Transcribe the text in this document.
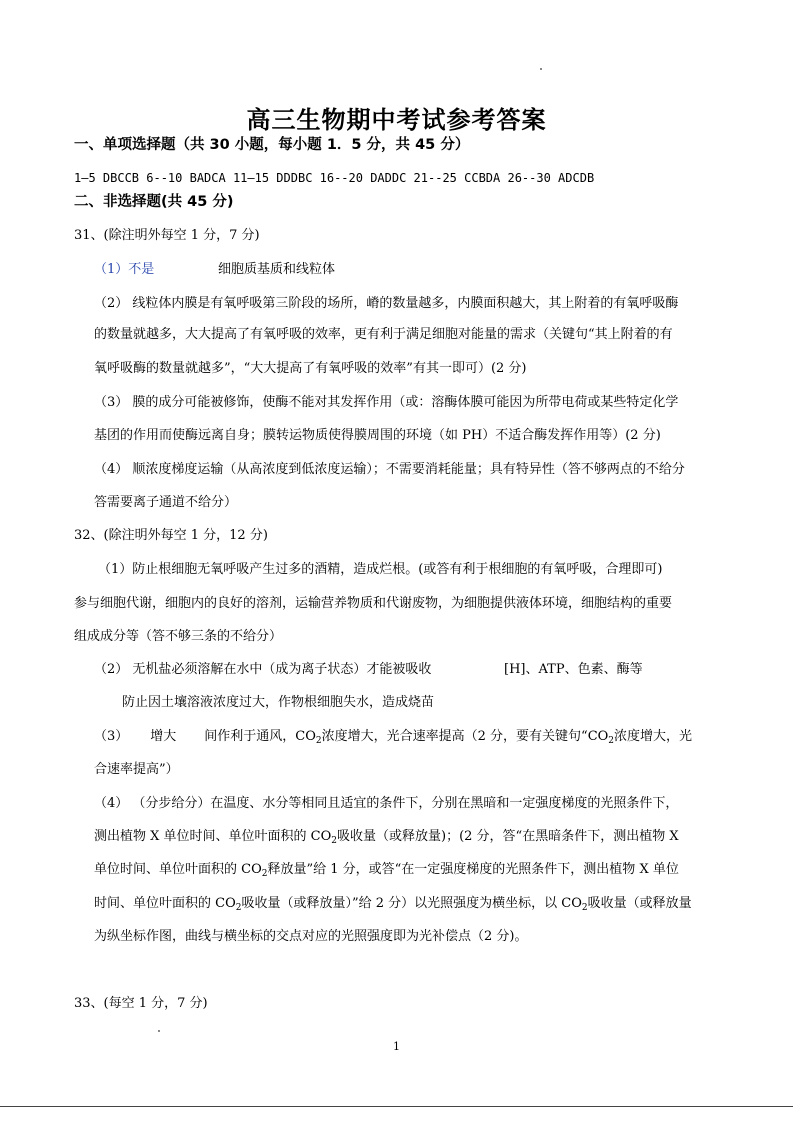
高三生物期中考试参考答案
一、单项选择题（共 30 小题，每小题 1．5 分，共 45 分）
1—5 DBCCB 6--10 BADCA 11—15 DDDBC 16--20 DADDC 21--25 CCBDA 26--30 ADCDB
二、非选择题(共 45 分)
31、(除注明外每空 1 分，7 分)
（1）不是	细胞质基质和线粒体
（2） 线粒体内膜是有氧呼吸第三阶段的场所，嵴的数量越多，内膜面积越大，其上附着的有氧呼吸酶
的数量就越多，大大提高了有氧呼吸的效率，更有利于满足细胞对能量的需求（关键句“其上附着的有
氧呼吸酶的数量就越多”，“大大提高了有氧呼吸的效率”有其一即可）(2 分)
（3） 膜的成分可能被修饰，使酶不能对其发挥作用（或：溶酶体膜可能因为所带电荷或某些特定化学
基团的作用而使酶远离自身；膜转运物质使得膜周围的环境（如 PH）不适合酶发挥作用等）(2 分)
（4） 顺浓度梯度运输（从高浓度到低浓度运输）；不需要消耗能量；具有特异性（答不够两点的不给分
答需要离子通道不给分）
32、(除注明外每空 1 分，12 分)
（1）防止根细胞无氧呼吸产生过多的酒精，造成烂根。(或答有利于根细胞的有氧呼吸，合理即可)
参与细胞代谢，细胞内的良好的溶剂，运输营养物质和代谢废物，为细胞提供液体环境，细胞结构的重要
组成成分等（答不够三条的不给分）
（2） 无机盐必须溶解在水中（成为离子状态）才能被吸收	[H]、ATP、色素、酶等
防止因土壤溶液浓度过大，作物根细胞失水，造成烧苗
（3） 增大 间作利于通风，$CO_2$浓度增大，光合速率提高（2 分，要有关键句“$CO_2$浓度增大，光
合速率提高”）
（4） （分步给分）在温度、水分等相同且适宜的条件下，分别在黑暗和一定强度梯度的光照条件下，
测出植物 X 单位时间、单位叶面积的 $CO_2$吸收量（或释放量)；(2 分，答“在黑暗条件下，测出植物 X
单位时间、单位叶面积的 $CO_2$释放量”给 1 分，或答“在一定强度梯度的光照条件下，测出植物 X 单位
时间、单位叶面积的 $CO_2$吸收量（或释放量）”给 2 分）以光照强度为横坐标，以 $CO_2$吸收量（或释放量
为纵坐标作图，曲线与横坐标的交点对应的光照强度即为光补偿点（2 分)。
33、(每空 1 分，7 分)
1
